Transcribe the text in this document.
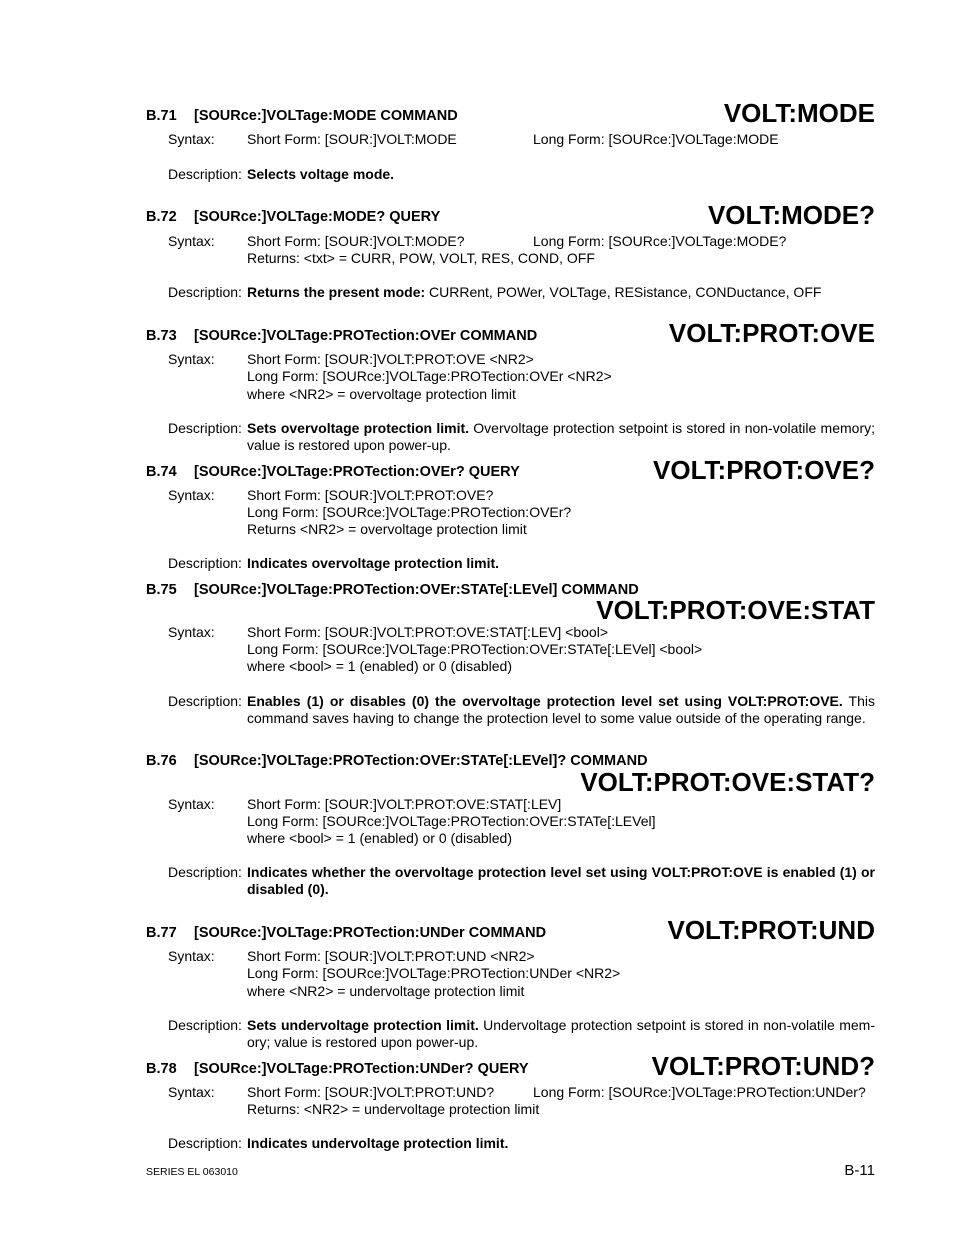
B.71 [SOURce:]VOLTage:MODE COMMAND	VOLT:MODE
Syntax: Short Form: [SOUR:]VOLT:MODE	Long Form: [SOURce:]VOLTage:MODE
Description: Selects voltage mode.
B.72 [SOURce:]VOLTage:MODE? QUERY	VOLT:MODE?
Syntax: Short Form: [SOUR:]VOLT:MODE?	Long Form: [SOURce:]VOLTage:MODE?
Returns: <txt> = CURR, POW, VOLT, RES, COND, OFF
Description: Returns the present mode: CURRent, POWer, VOLTage, RESistance, CONDuctance, OFF
B.73 [SOURce:]VOLTage:PROTection:OVEr COMMAND	VOLT:PROT:OVE
Syntax: Short Form: [SOUR:]VOLT:PROT:OVE <NR2>
Long Form: [SOURce:]VOLTage:PROTection:OVEr <NR2>
where <NR2> = overvoltage protection limit
Description: Sets overvoltage protection limit. Overvoltage protection setpoint is stored in non-volatile memory; value is restored upon power-up.
B.74 [SOURce:]VOLTage:PROTection:OVEr? QUERY	VOLT:PROT:OVE?
Syntax: Short Form: [SOUR:]VOLT:PROT:OVE?
Long Form: [SOURce:]VOLTage:PROTection:OVEr?
Returns <NR2> = overvoltage protection limit
Description: Indicates overvoltage protection limit.
B.75 [SOURce:]VOLTage:PROTection:OVEr:STATe[:LEVel] COMMAND
VOLT:PROT:OVE:STAT
Syntax: Short Form: [SOUR:]VOLT:PROT:OVE:STAT[:LEV] <bool>
Long Form: [SOURce:]VOLTage:PROTection:OVEr:STATe[:LEVel] <bool>
where <bool> = 1 (enabled) or 0 (disabled)
Description: Enables (1) or disables (0) the overvoltage protection level set using VOLT:PROT:OVE. This command saves having to change the protection level to some value outside of the operating range.
B.76 [SOURce:]VOLTage:PROTection:OVEr:STATe[:LEVel]? COMMAND
VOLT:PROT:OVE:STAT?
Syntax: Short Form: [SOUR:]VOLT:PROT:OVE:STAT[:LEV]
Long Form: [SOURce:]VOLTage:PROTection:OVEr:STATe[:LEVel]
where <bool> = 1 (enabled) or 0 (disabled)
Description: Indicates whether the overvoltage protection level set using VOLT:PROT:OVE is enabled (1) or disabled (0).
B.77 [SOURce:]VOLTage:PROTection:UNDer COMMAND	VOLT:PROT:UND
Syntax: Short Form: [SOUR:]VOLT:PROT:UND <NR2>
Long Form: [SOURce:]VOLTage:PROTection:UNDer <NR2>
where <NR2> = undervoltage protection limit
Description: Sets undervoltage protection limit. Undervoltage protection setpoint is stored in non-volatile mem-ory; value is restored upon power-up.
B.78 [SOURce:]VOLTage:PROTection:UNDer? QUERY	VOLT:PROT:UND?
Syntax: Short Form: [SOUR:]VOLT:PROT:UND?	Long Form: [SOURce:]VOLTage:PROTection:UNDer?
Returns: <NR2> = undervoltage protection limit
Description: Indicates undervoltage protection limit.
SERIES EL 063010	B-11
